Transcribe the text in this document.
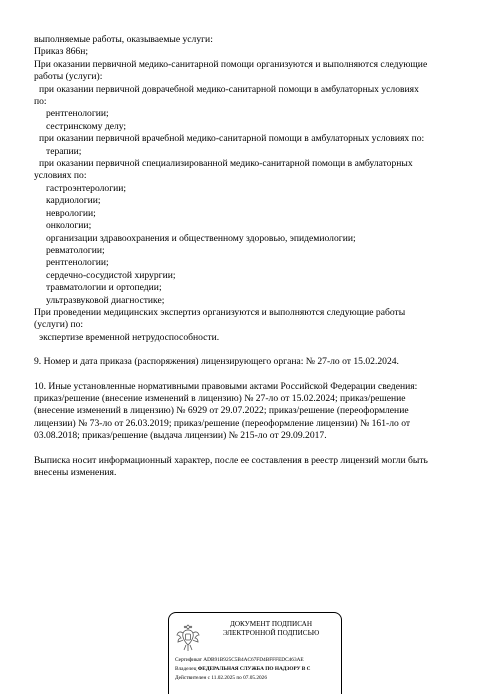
выполняемые работы, оказываемые услуги:
Приказ 866н;
При оказании первичной медико-санитарной помощи организуются и выполняются следующие
работы (услуги):
при оказании первичной доврачебной медико-санитарной помощи в амбулаторных условиях
по:
рентгенологии;
сестринскому делу;
при оказании первичной врачебной медико-санитарной помощи в амбулаторных условиях по:
терапии;
при оказании первичной специализированной медико-санитарной помощи в амбулаторных
условиях по:
гастроэнтерологии;
кардиологии;
неврологии;
онкологии;
организации здравоохранения и общественному здоровью, эпидемиологии;
ревматологии;
рентгенологии;
сердечно-сосудистой хирургии;
травматологии и ортопедии;
ультразвуковой диагностике;
При проведении медицинских экспертиз организуются и выполняются следующие работы
(услуги) по:
экспертизе временной нетрудоспособности.
9. Номер и дата приказа (распоряжения) лицензирующего органа: № 27-ло от 15.02.2024.
10. Иные установленные нормативными правовыми актами Российской Федерации сведения:
приказ/решение (внесение изменений в лицензию) № 27-ло от 15.02.2024; приказ/решение
(внесение изменений в лицензию) № 6929 от 29.07.2022; приказ/решение (переоформление
лицензии) № 73-ло от 26.03.2019; приказ/решение (переоформление лицензии) № 161-ло от
03.08.2018; приказ/решение (выдача лицензии) № 215-ло от 29.09.2017.
Выписка носит информационный характер, после ее составления в реестр лицензий могли быть
внесены изменения.
ДОКУМЕНТ ПОДПИСАН
ЭЛЕКТРОННОЙ ПОДПИСЬЮ
Сертификат ADB91B925C5B4AC67FD4BFFFEDC463AE
Владелец ФЕДЕРАЛЬНАЯ СЛУЖБА ПО НАДЗОРУ В С
Действителен с 11.02.2025 по 07.05.2026
